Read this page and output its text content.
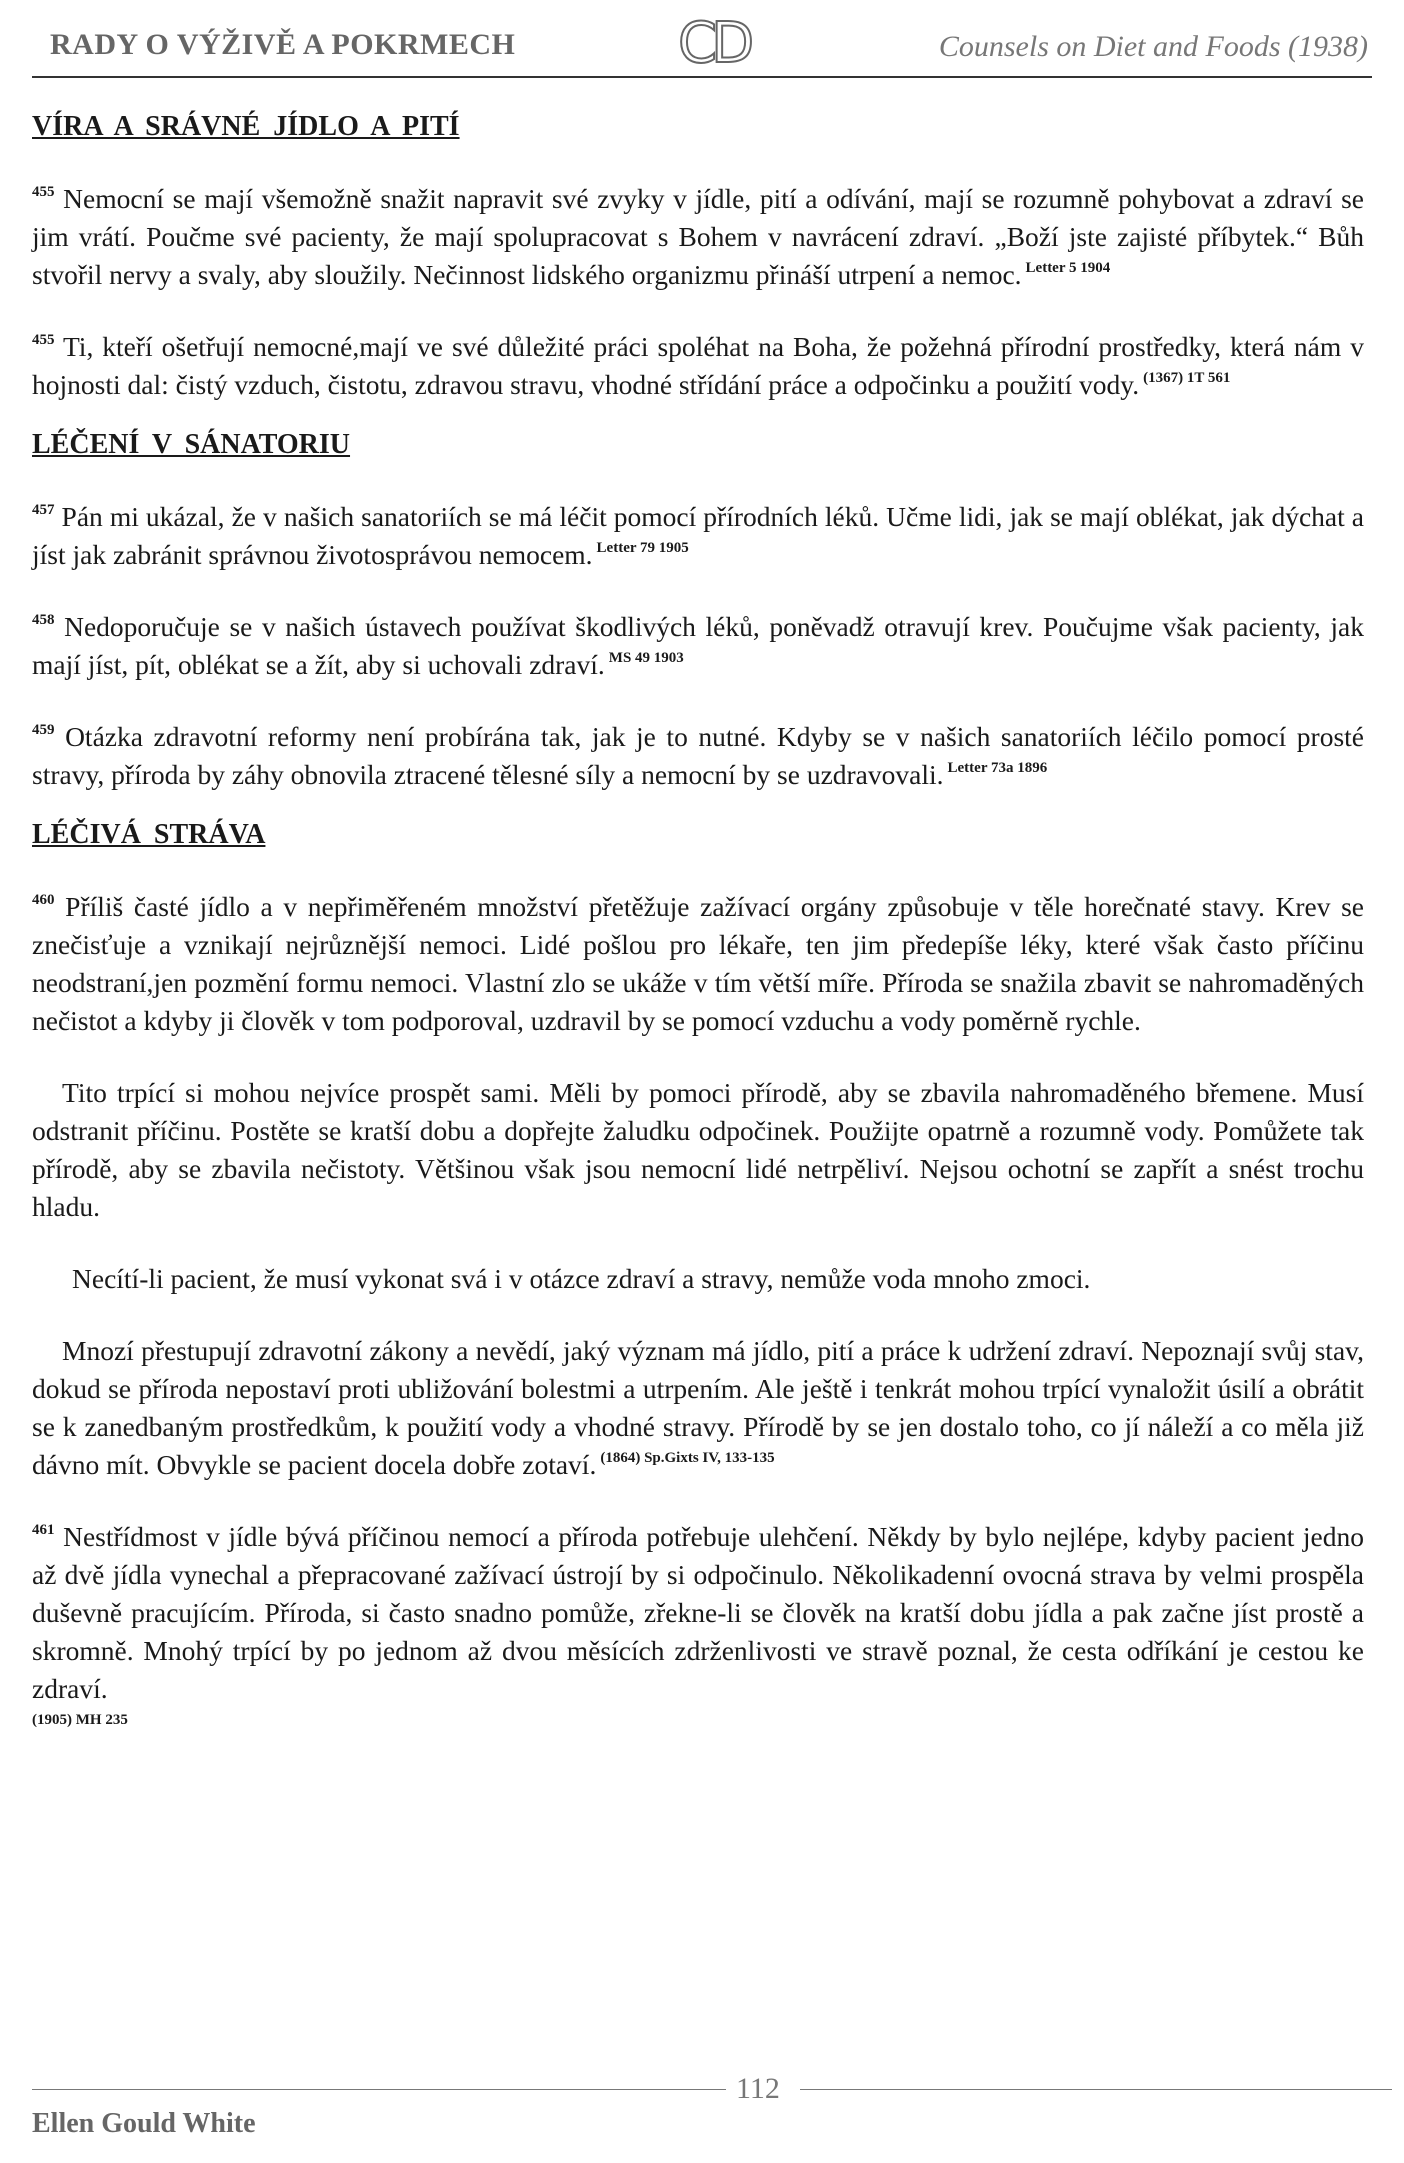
RADY O VÝŽIVĚ A POKRMECH	CD	Counsels on Diet and Foods (1938)
VÍRA A SRÁVNÉ JÍDLO A PITÍ

$^{455}$ Nemocní se mají všemožně snažit napravit své zvyky v jídle, pití a odívání, mají se rozumně pohybovat a zdraví se jim vrátí. Poučme své pacienty, že mají spolupracovat s Bohem v navrácení zdraví. „Boží jste zajisté příbytek.“ Bůh stvořil nervy a svaly, aby sloužily. Nečinnost lidského organizmu přináší utrpení a nemoc. $^{Letter 5 1904}$

$^{455}$ Ti, kteří ošetřují nemocné,mají ve své důležité práci spoléhat na Boha, že požehná přírodní prostředky, která nám v hojnosti dal: čistý vzduch, čistotu, zdravou stravu, vhodné střídání práce a odpočinku a použití vody. $^{(1367) 1T 561}$

LÉČENÍ V SÁNATORIU

$^{457}$ Pán mi ukázal, že v našich sanatoriích se má léčit pomocí přírodních léků. Učme lidi, jak se mají oblékat, jak dýchat a jíst jak zabránit správnou životosprávou nemocem. $^{Letter 79 1905}$

$^{458}$ Nedoporučuje se v našich ústavech používat škodlivých léků, poněvadž otravují krev. Poučujme však pacienty, jak mají jíst, pít, oblékat se a žít, aby si uchovali zdraví. $^{MS 49 1903}$

$^{459}$ Otázka zdravotní reformy není probírána tak, jak je to nutné. Kdyby se v našich sanatoriích léčilo pomocí prosté stravy, příroda by záhy obnovila ztracené tělesné síly a nemocní by se uzdravovali. $^{Letter 73a 1896}$

LÉČIVÁ STRÁVA

$^{460}$ Příliš časté jídlo a v nepřiměřeném množství přetěžuje zažívací orgány způsobuje v těle horečnaté stavy. Krev se znečisťuje a vznikají nejrůznější nemoci. Lidé pošlou pro lékaře, ten jim předepíše léky, které však často příčinu neodstraní,jen pozmění formu nemoci. Vlastní zlo se ukáže v tím větší míře. Příroda se snažila zbavit se nahromaděných nečistot a kdyby ji člověk v tom podporoval, uzdravil by se pomocí vzduchu a vody poměrně rychle.

Tito trpící si mohou nejvíce prospět sami. Měli by pomoci přírodě, aby se zbavila nahromaděného břemene. Musí odstranit příčinu. Postěte se kratší dobu a dopřejte žaludku odpočinek. Použijte opatrně a rozumně vody. Pomůžete tak přírodě, aby se zbavila nečistoty. Většinou však jsou nemocní lidé netrpěliví. Nejsou ochotní se zapřít a snést trochu hladu.

Necítí-li pacient, že musí vykonat svá i v otázce zdraví a stravy, nemůže voda mnoho zmoci.

Mnozí přestupují zdravotní zákony a nevědí, jaký význam má jídlo, pití a práce k udržení zdraví. Nepoznají svůj stav, dokud se příroda nepostaví proti ubližování bolestmi a utrpením. Ale ještě i tenkrát mohou trpící vynaložit úsilí a obrátit se k zanedbaným prostředkům, k použití vody a vhodné stravy. Přírodě by se jen dostalo toho, co jí náleží a co měla již dávno mít. Obvykle se pacient docela dobře zotaví. $^{(1864) Sp.Gixts IV, 133-135}$

$^{461}$ Nestřídmost v jídle bývá příčinou nemocí a příroda potřebuje ulehčení. Někdy by bylo nejlépe, kdyby pacient jedno až dvě jídla vynechal a přepracované zažívací ústrojí by si odpočinulo. Několikadenní ovocná strava by velmi prospěla duševně pracujícím. Příroda, si často snadno pomůže, zřekne-li se člověk na kratší dobu jídla a pak začne jíst prostě a skromně. Mnohý trpící by po jednom až dvou měsících zdrženlivosti ve stravě poznal, že cesta odříkání je cestou ke zdraví.
$^{(1905) MH 235}$

112
Ellen Gould White
